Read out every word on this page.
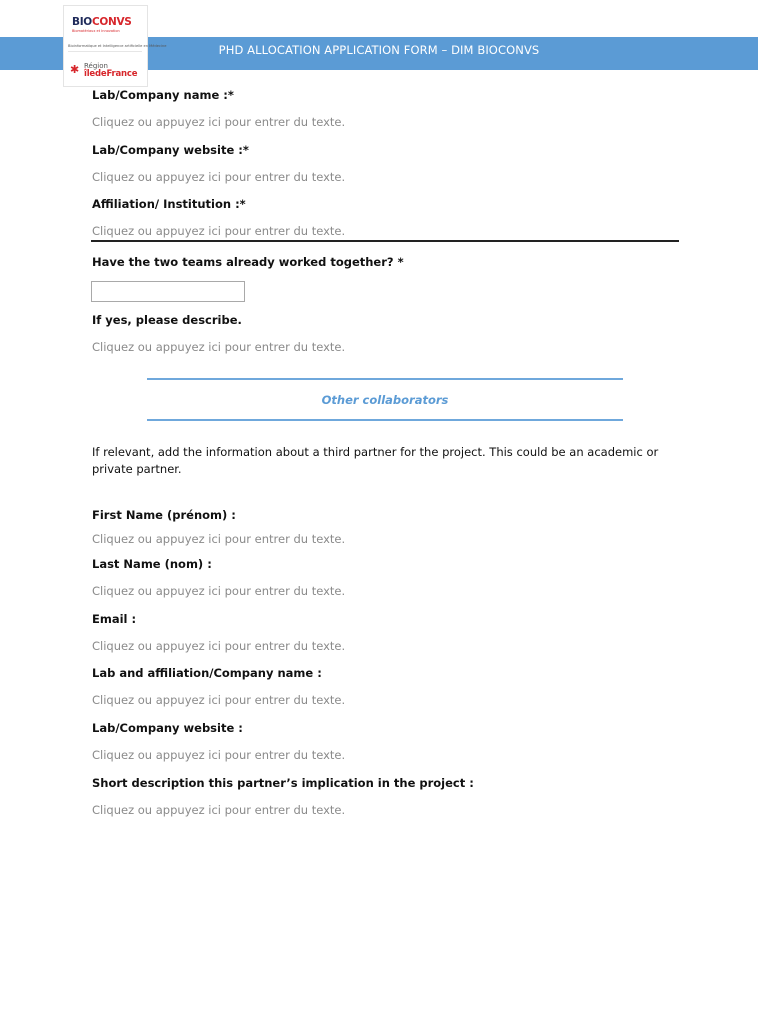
PHD ALLOCATION APPLICATION FORM – DIM BIOCONVS
BIOCONVS
Biomatériaux et Innovation
Bioinformatique et Intelligence artificielle en Médecine
✱ Région
îledeFrance
Lab/Company name :*
Cliquez ou appuyez ici pour entrer du texte.
Lab/Company website :*
Cliquez ou appuyez ici pour entrer du texte.
Affiliation/ Institution :*
Cliquez ou appuyez ici pour entrer du texte.
Have the two teams already worked together? *
If yes, please describe.
Cliquez ou appuyez ici pour entrer du texte.
Other collaborators
If relevant, add the information about a third partner for the project. This could be an academic or private partner.
First Name (prénom) :
Cliquez ou appuyez ici pour entrer du texte.
Last Name (nom) :
Cliquez ou appuyez ici pour entrer du texte.
Email :
Cliquez ou appuyez ici pour entrer du texte.
Lab and affiliation/Company name :
Cliquez ou appuyez ici pour entrer du texte.
Lab/Company website :
Cliquez ou appuyez ici pour entrer du texte.
Short description this partner’s implication in the project :
Cliquez ou appuyez ici pour entrer du texte.
